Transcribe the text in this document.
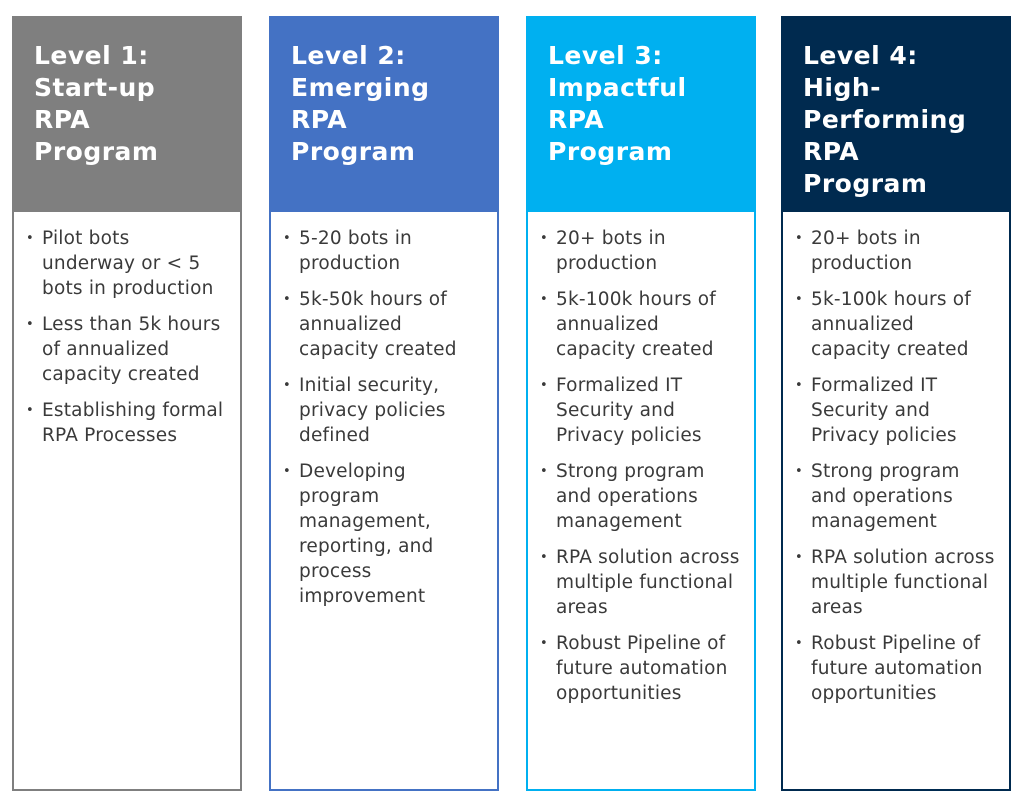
Level 1:
Start-up
RPA
Program
• Pilot bots underway or < 5 bots in production
• Less than 5k hours of annualized capacity created
• Establishing formal RPA Processes
Level 2:
Emerging
RPA
Program
• 5-20 bots in production
• 5k-50k hours of annualized capacity created
• Initial security, privacy policies defined
• Developing program management, reporting, and process improvement
Level 3:
Impactful
RPA
Program
• 20+ bots in production
• 5k-100k hours of annualized capacity created
• Formalized IT Security and Privacy policies
• Strong program and operations management
• RPA solution across multiple functional areas
• Robust Pipeline of future automation opportunities
Level 4:
High-
Performing
RPA
Program
• 20+ bots in production
• 5k-100k hours of annualized capacity created
• Formalized IT Security and Privacy policies
• Strong program and operations management
• RPA solution across multiple functional areas
• Robust Pipeline of future automation opportunities
